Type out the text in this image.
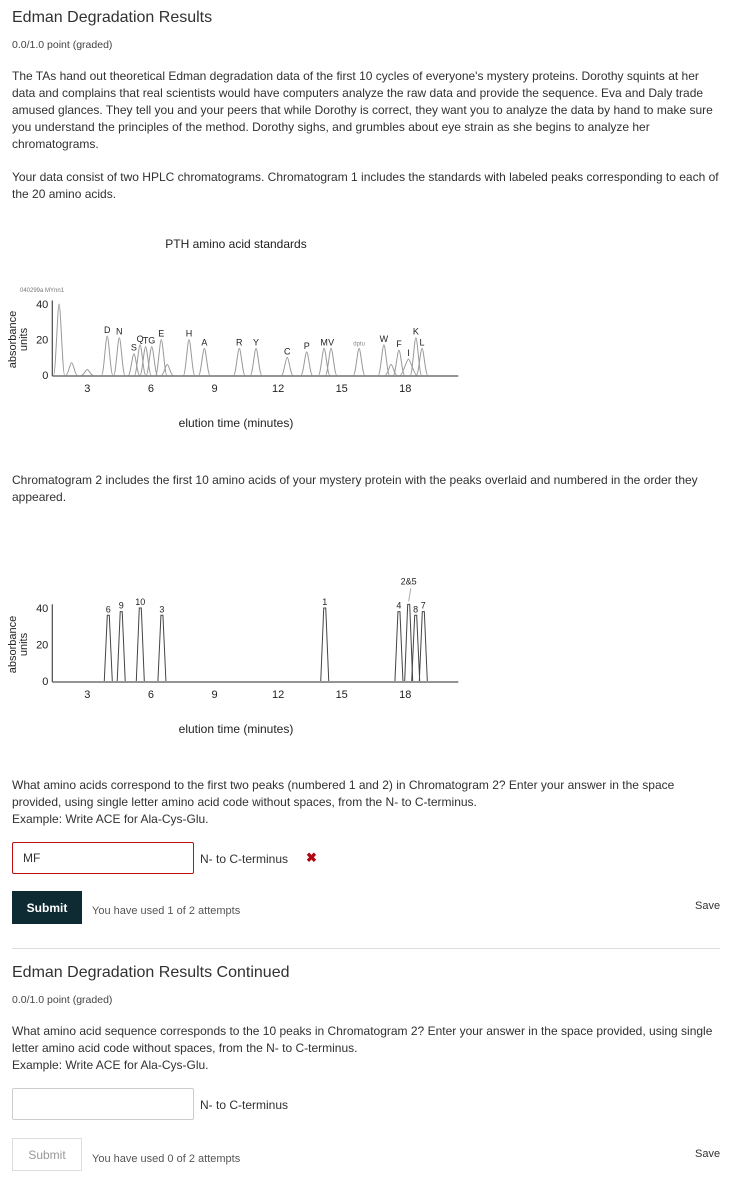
Edman Degradation Results
0.0/1.0 point (graded)

The TAs hand out theoretical Edman degradation data of the first 10 cycles of everyone's mystery proteins. Dorothy squints at her data and complains that real scientists would have computers analyze the raw data and provide the sequence. Eva and Daly trade amused glances. They tell you and your peers that while Dorothy is correct, they want you to analyze the data by hand to make sure you understand the principles of the method. Dorothy sighs, and grumbles about eye strain as she begins to analyze her chromatograms.

Your data consist of two HPLC chromatograms. Chromatogram 1 includes the standards with labeled peaks corresponding to each of the 20 amino acids.

PTH amino acid standards
040299a MYnn1
0
20
40
3	6	9	12	15	18
absorbanceunits
elution time (minutes)
D N
S
Q T G
E H
A	R Y
C
P M V	dptu
W
F
I
K
L

Chromatogram 2 includes the first 10 amino acids of your mystery protein with the peaks overlaid and numbered in the order they appeared.

0
20
40
3	6	9	12	15	18
absorbanceunits
elution time (minutes)
6 9 10
3
1	4
2&5
8 7

What amino acids correspond to the first two peaks (numbered 1 and 2) in Chromatogram 2? Enter your answer in the space provided, using single letter amino acid code without spaces, from the N- to C-terminus.

Example: Write ACE for Ala-Cys-Glu.

MF
N- to C-terminus ✖
Submit	You have used 1 of 2 attempts	Save
Edman Degradation Results Continued
0.0/1.0 point (graded)

What amino acid sequence corresponds to the 10 peaks in Chromatogram 2? Enter your answer in the space provided, using single letter amino acid code without spaces, from the N- to C-terminus.

Example: Write ACE for Ala-Cys-Glu.

N- to C-terminus
Submit	You have used 0 of 2 attempts	Save
